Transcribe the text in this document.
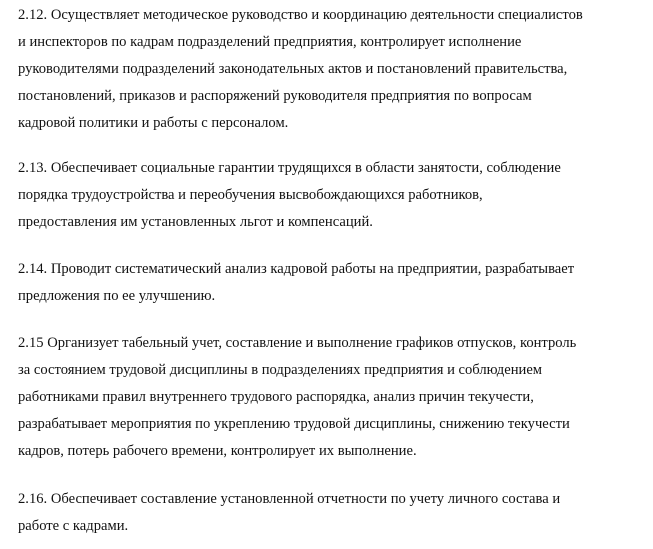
2.12. Осуществляет методическое руководство и координацию деятельности специалистов
и инспекторов по кадрам подразделений предприятия, контролирует исполнение
руководителями подразделений законодательных актов и постановлений правительства,
постановлений, приказов и распоряжений руководителя предприятия по вопросам
кадровой политики и работы с персоналом.
2.13. Обеспечивает социальные гарантии трудящихся в области занятости, соблюдение
порядка трудоустройства и переобучения высвобождающихся работников,
предоставления им установленных льгот и компенсаций.
2.14. Проводит систематический анализ кадровой работы на предприятии, разрабатывает
предложения по ее улучшению.
2.15 Организует табельный учет, составление и выполнение графиков отпусков, контроль
за состоянием трудовой дисциплины в подразделениях предприятия и соблюдением
работниками правил внутреннего трудового распорядка, анализ причин текучести,
разрабатывает мероприятия по укреплению трудовой дисциплины, снижению текучести
кадров, потерь рабочего времени, контролирует их выполнение.
2.16. Обеспечивает составление установленной отчетности по учету личного состава и
работе с кадрами.
